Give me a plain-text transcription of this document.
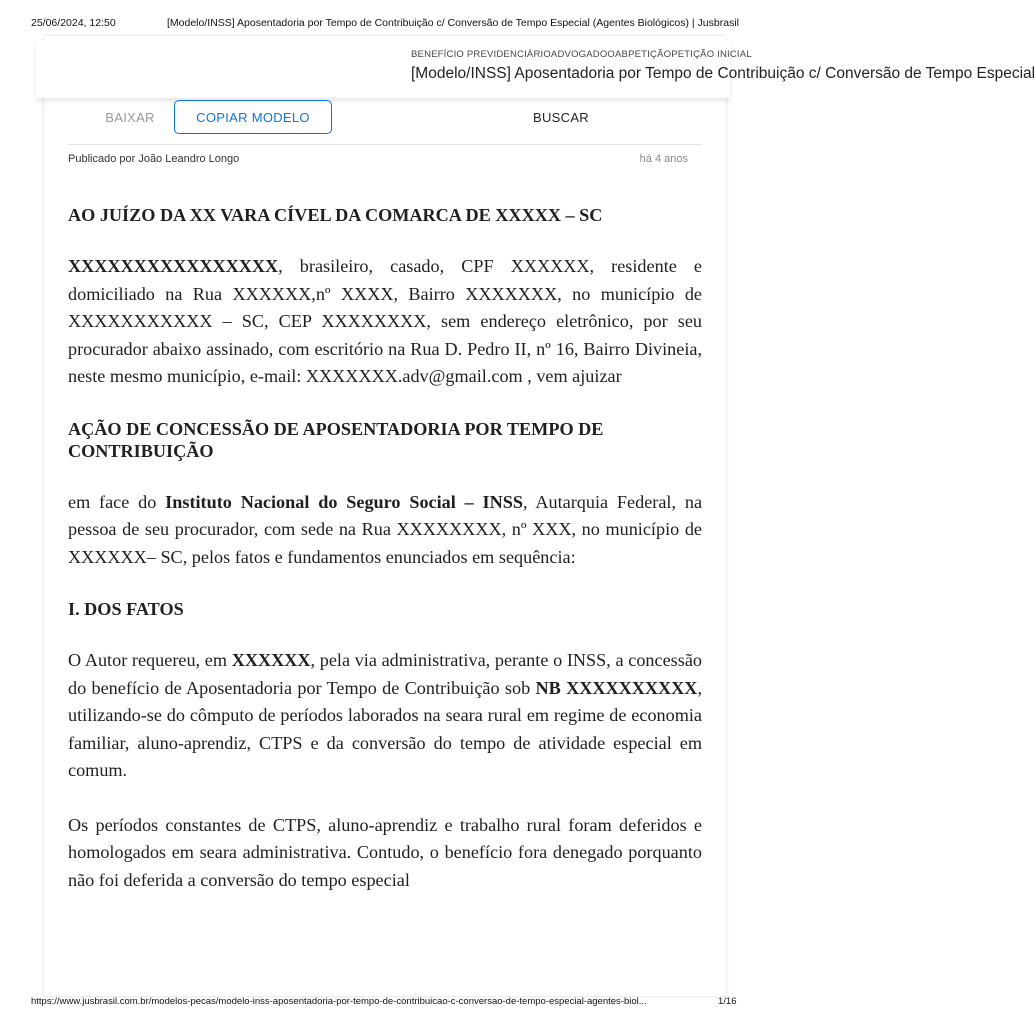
25/06/2024, 12:50	[Modelo/INSS] Aposentadoria por Tempo de Contribuição c/ Conversão de Tempo Especial (Agentes Biológicos) | Jusbrasil
BENEFÍCIO PREVIDENCIÁRIOADVOGADOOABPETIÇÃOPETIÇÃO INICIAL
[Modelo/INSS] Aposentadoria por Tempo de Contribuição c/ Conversão de Tempo Especial
BAIXAR	COPIAR MODELO	BUSCAR
Publicado por João Leandro Longo	há 4 anos

AO JUÍZO DA XX VARA CÍVEL DA COMARCA DE XXXXX – SC

XXXXXXXXXXXXXXXX, brasileiro, casado, CPF XXXXXX, residente e domiciliado na Rua XXXXXX,nº XXXX, Bairro XXXXXXX, no município de XXXXXXXXXXX – SC, CEP XXXXXXXX, sem endereço eletrônico, por seu procurador abaixo assinado, com escritório na Rua D. Pedro II, nº 16, Bairro Divineia, neste mesmo município, e-mail: XXXXXXX.adv@gmail.com , vem ajuizar

AÇÃO DE CONCESSÃO DE APOSENTADORIA POR TEMPO DE CONTRIBUIÇÃO

em face do Instituto Nacional do Seguro Social – INSS, Autarquia Federal, na pessoa de seu procurador, com sede na Rua XXXXXXXX, nº XXX, no município de XXXXXX– SC, pelos fatos e fundamentos enunciados em sequência:

I. DOS FATOS

O Autor requereu, em XXXXXX, pela via administrativa, perante o INSS, a concessão do benefício de Aposentadoria por Tempo de Contribuição sob NB XXXXXXXXXX, utilizando-se do cômputo de períodos laborados na seara rural em regime de economia familiar, aluno-aprendiz, CTPS e da conversão do tempo de atividade especial em comum.

Os períodos constantes de CTPS, aluno-aprendiz e trabalho rural foram deferidos e homologados em seara administrativa. Contudo, o benefício fora denegado porquanto não foi deferida a conversão do tempo especial

https://www.jusbrasil.com.br/modelos-pecas/modelo-inss-aposentadoria-por-tempo-de-contribuicao-c-conversao-de-tempo-especial-agentes-biol...	1/16
